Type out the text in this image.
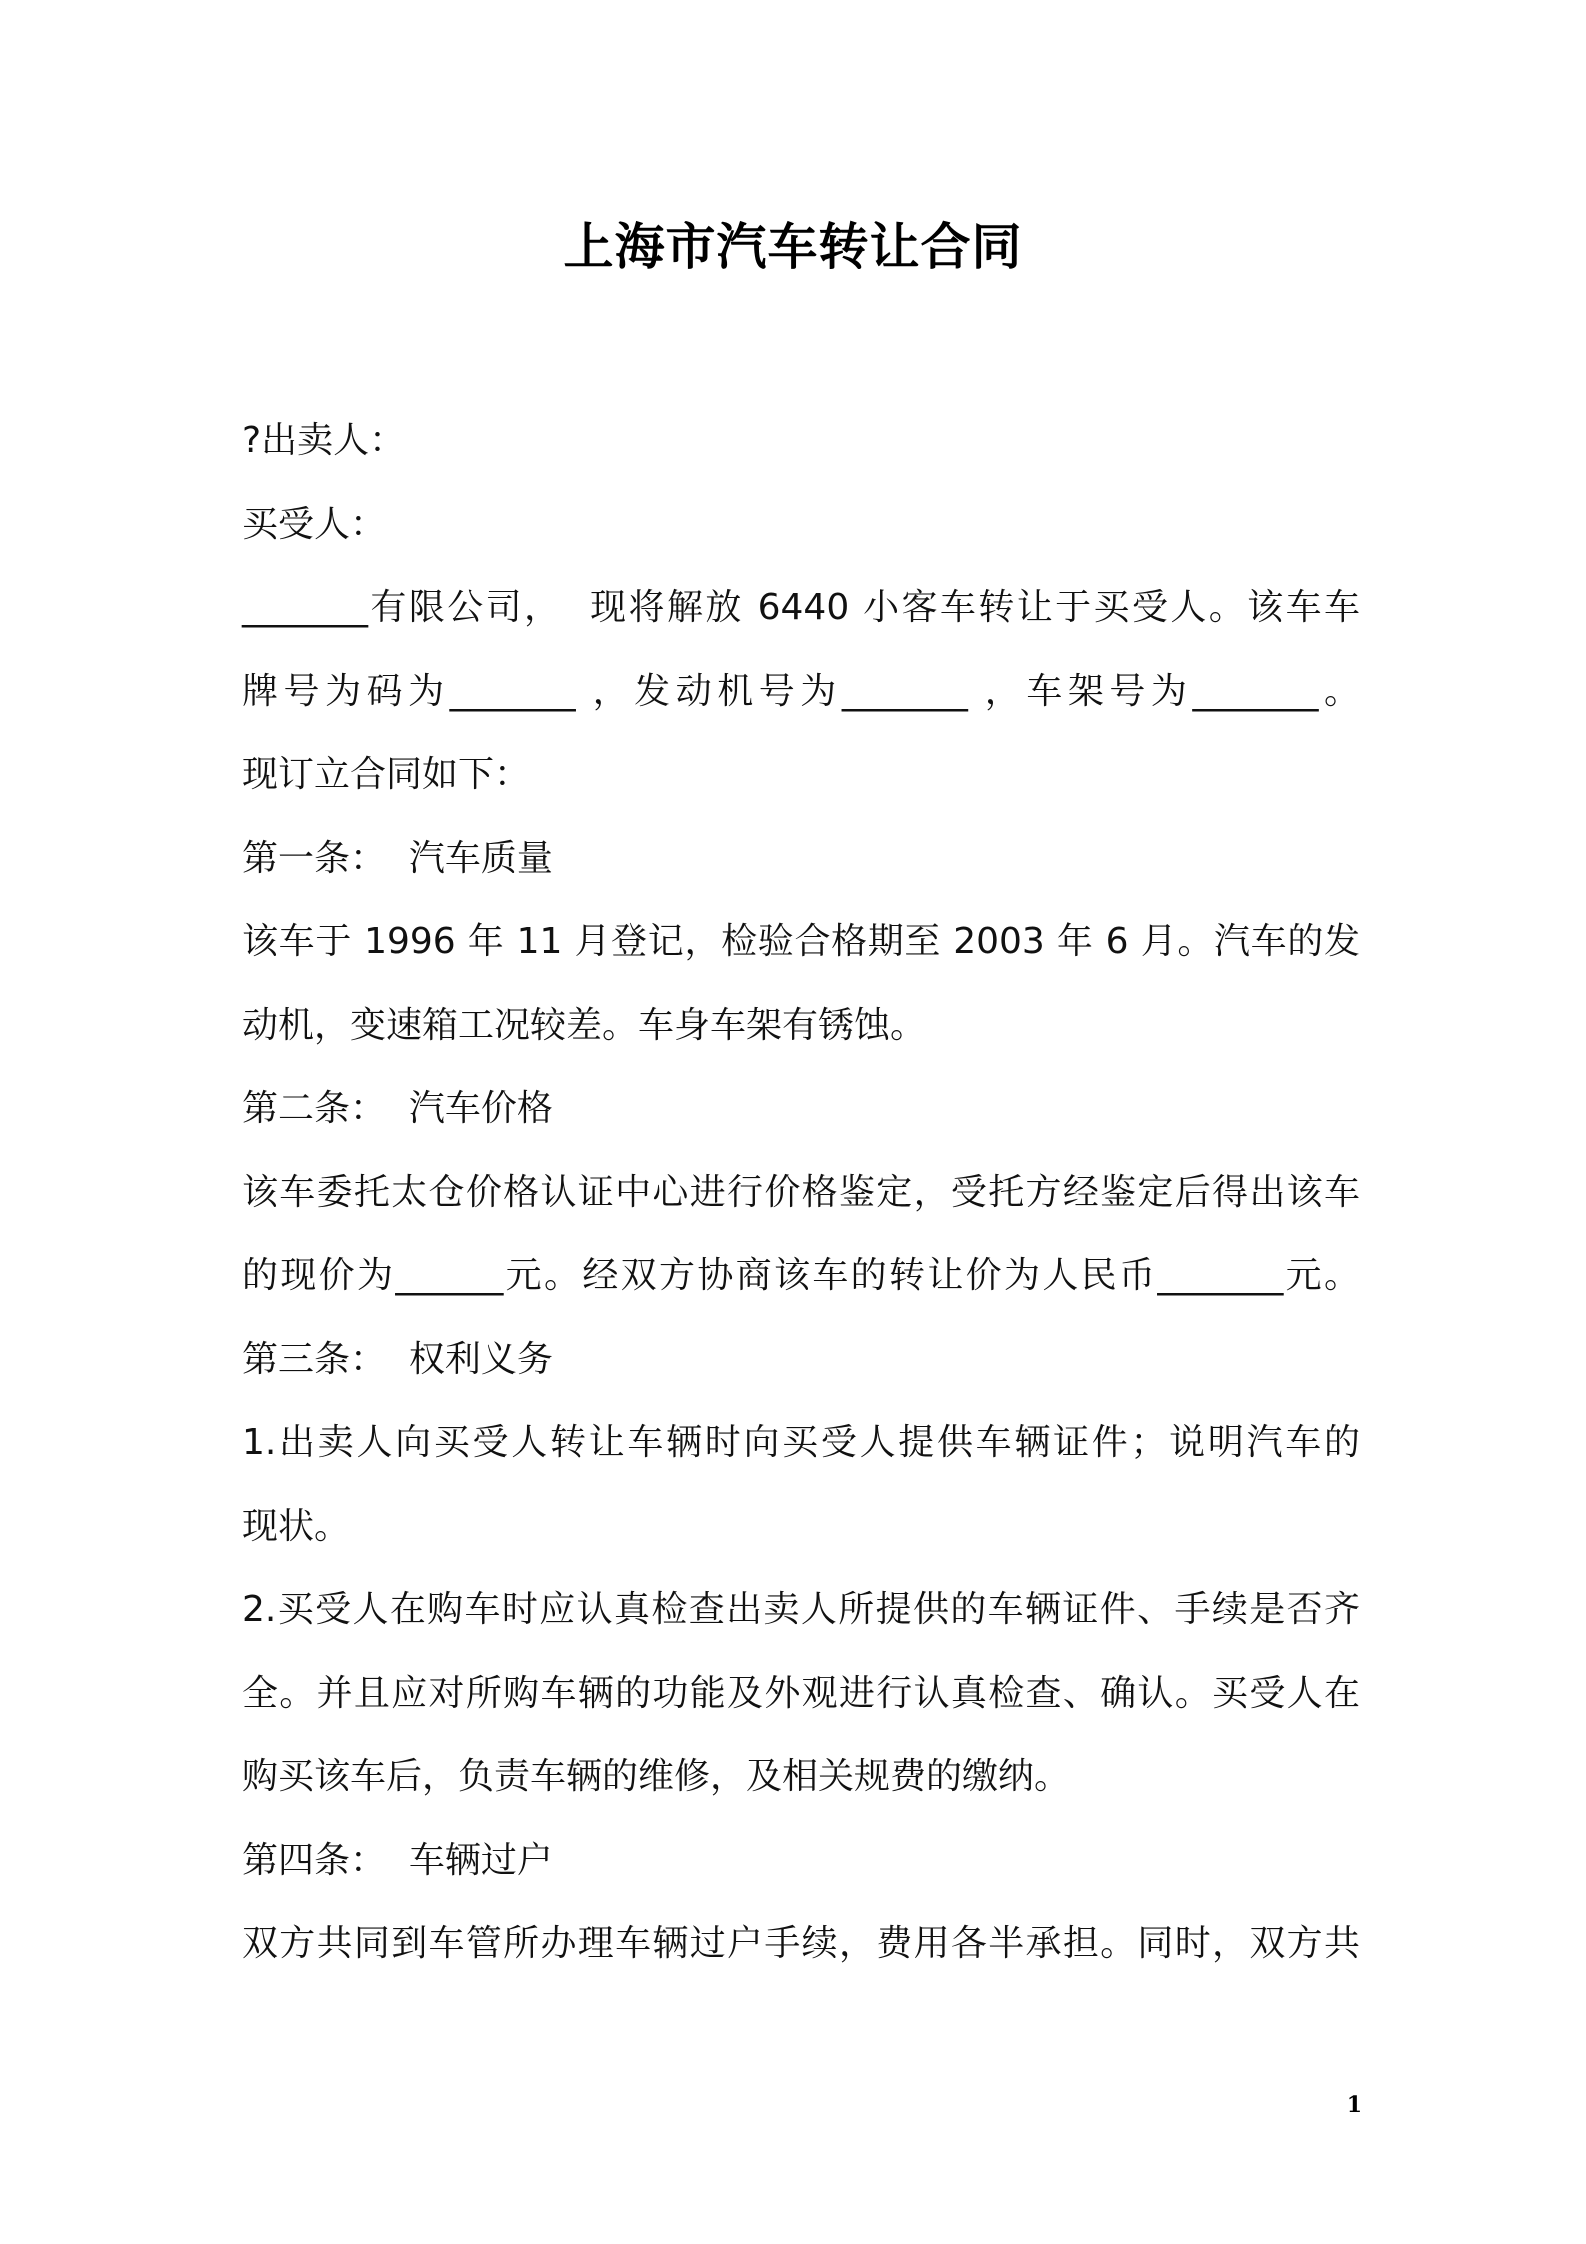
上海市汽车转让合同
?出卖人：
买受人：
_______有限公司，  现将解放 6440 小客车转让于买受人。该车车
牌号为码为_______ ，发动机号为_______ ，车架号为_______。
现订立合同如下：
第一条：  汽车质量
该车于 1996 年 11 月登记，检验合格期至 2003 年 6 月。汽车的发
动机，变速箱工况较差。车身车架有锈蚀。
第二条：  汽车价格
该车委托太仓价格认证中心进行价格鉴定，受托方经鉴定后得出该车
的现价为______元。经双方协商该车的转让价为人民币_______元。
第三条：  权利义务
1.出卖人向买受人转让车辆时向买受人提供车辆证件；说明汽车的
现状。
2.买受人在购车时应认真检查出卖人所提供的车辆证件、手续是否齐
全。并且应对所购车辆的功能及外观进行认真检查、确认。买受人在
购买该车后，负责车辆的维修，及相关规费的缴纳。
第四条：  车辆过户
双方共同到车管所办理车辆过户手续，费用各半承担。同时，双方共
1
